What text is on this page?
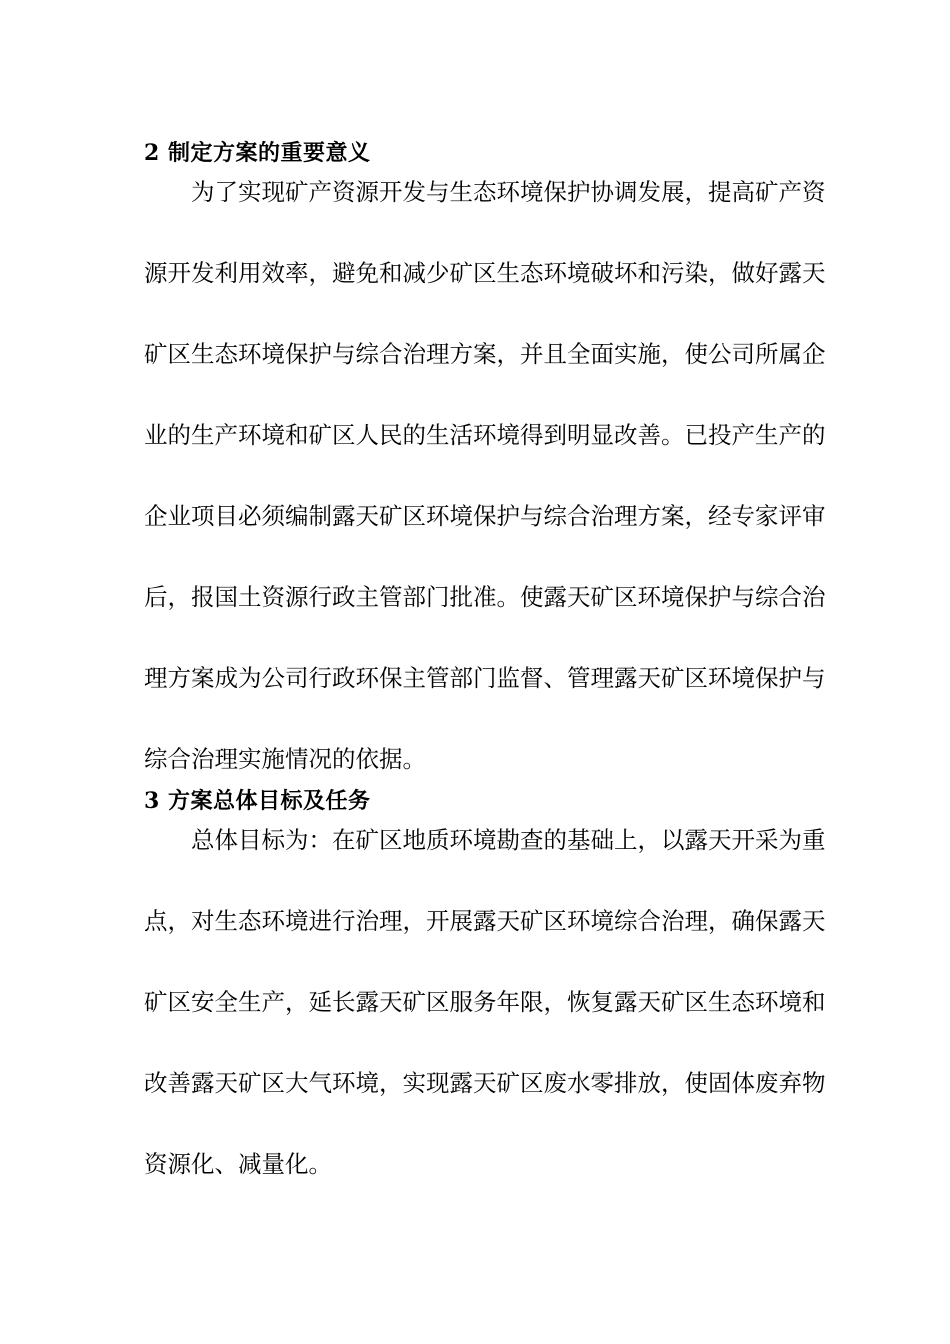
2 制定方案的重要意义

为了实现矿产资源开发与生态环境保护协调发展，提高矿产资
源开发利用效率，避免和减少矿区生态环境破坏和污染，做好露天
矿区生态环境保护与综合治理方案，并且全面实施，使公司所属企
业的生产环境和矿区人民的生活环境得到明显改善。已投产生产的
企业项目必须编制露天矿区环境保护与综合治理方案，经专家评审
后，报国土资源行政主管部门批准。使露天矿区环境保护与综合治
理方案成为公司行政环保主管部门监督、管理露天矿区环境保护与
综合治理实施情况的依据。

3 方案总体目标及任务

总体目标为：在矿区地质环境勘查的基础上，以露天开采为重
点，对生态环境进行治理，开展露天矿区环境综合治理，确保露天
矿区安全生产，延长露天矿区服务年限，恢复露天矿区生态环境和
改善露天矿区大气环境，实现露天矿区废水零排放，使固体废弃物
资源化、减量化。
